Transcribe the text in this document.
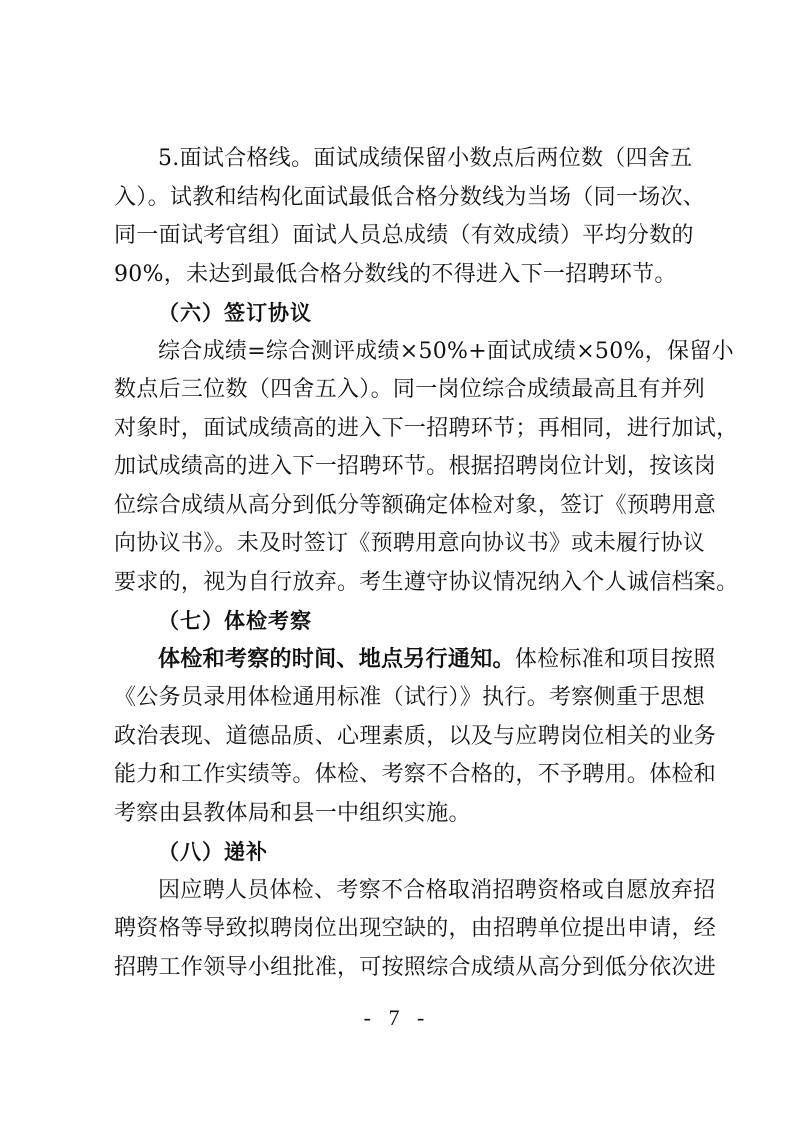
5.面试合格线。面试成绩保留小数点后两位数（四舍五
入）。试教和结构化面试最低合格分数线为当场（同一场次、
同一面试考官组）面试人员总成绩（有效成绩）平均分数的
90%，未达到最低合格分数线的不得进入下一招聘环节。
（六）签订协议
综合成绩=综合测评成绩×50%+面试成绩×50%，保留小
数点后三位数（四舍五入）。同一岗位综合成绩最高且有并列
对象时，面试成绩高的进入下一招聘环节；再相同，进行加试，
加试成绩高的进入下一招聘环节。根据招聘岗位计划，按该岗
位综合成绩从高分到低分等额确定体检对象，签订《预聘用意
向协议书》。未及时签订《预聘用意向协议书》或未履行协议
要求的，视为自行放弃。考生遵守协议情况纳入个人诚信档案。
（七）体检考察
体检和考察的时间、地点另行通知。体检标准和项目按照
《公务员录用体检通用标准（试行）》执行。考察侧重于思想
政治表现、道德品质、心理素质，以及与应聘岗位相关的业务
能力和工作实绩等。体检、考察不合格的，不予聘用。体检和
考察由县教体局和县一中组织实施。
（八）递补
因应聘人员体检、考察不合格取消招聘资格或自愿放弃招
聘资格等导致拟聘岗位出现空缺的，由招聘单位提出申请，经
招聘工作领导小组批准，可按照综合成绩从高分到低分依次进
- 7 -
